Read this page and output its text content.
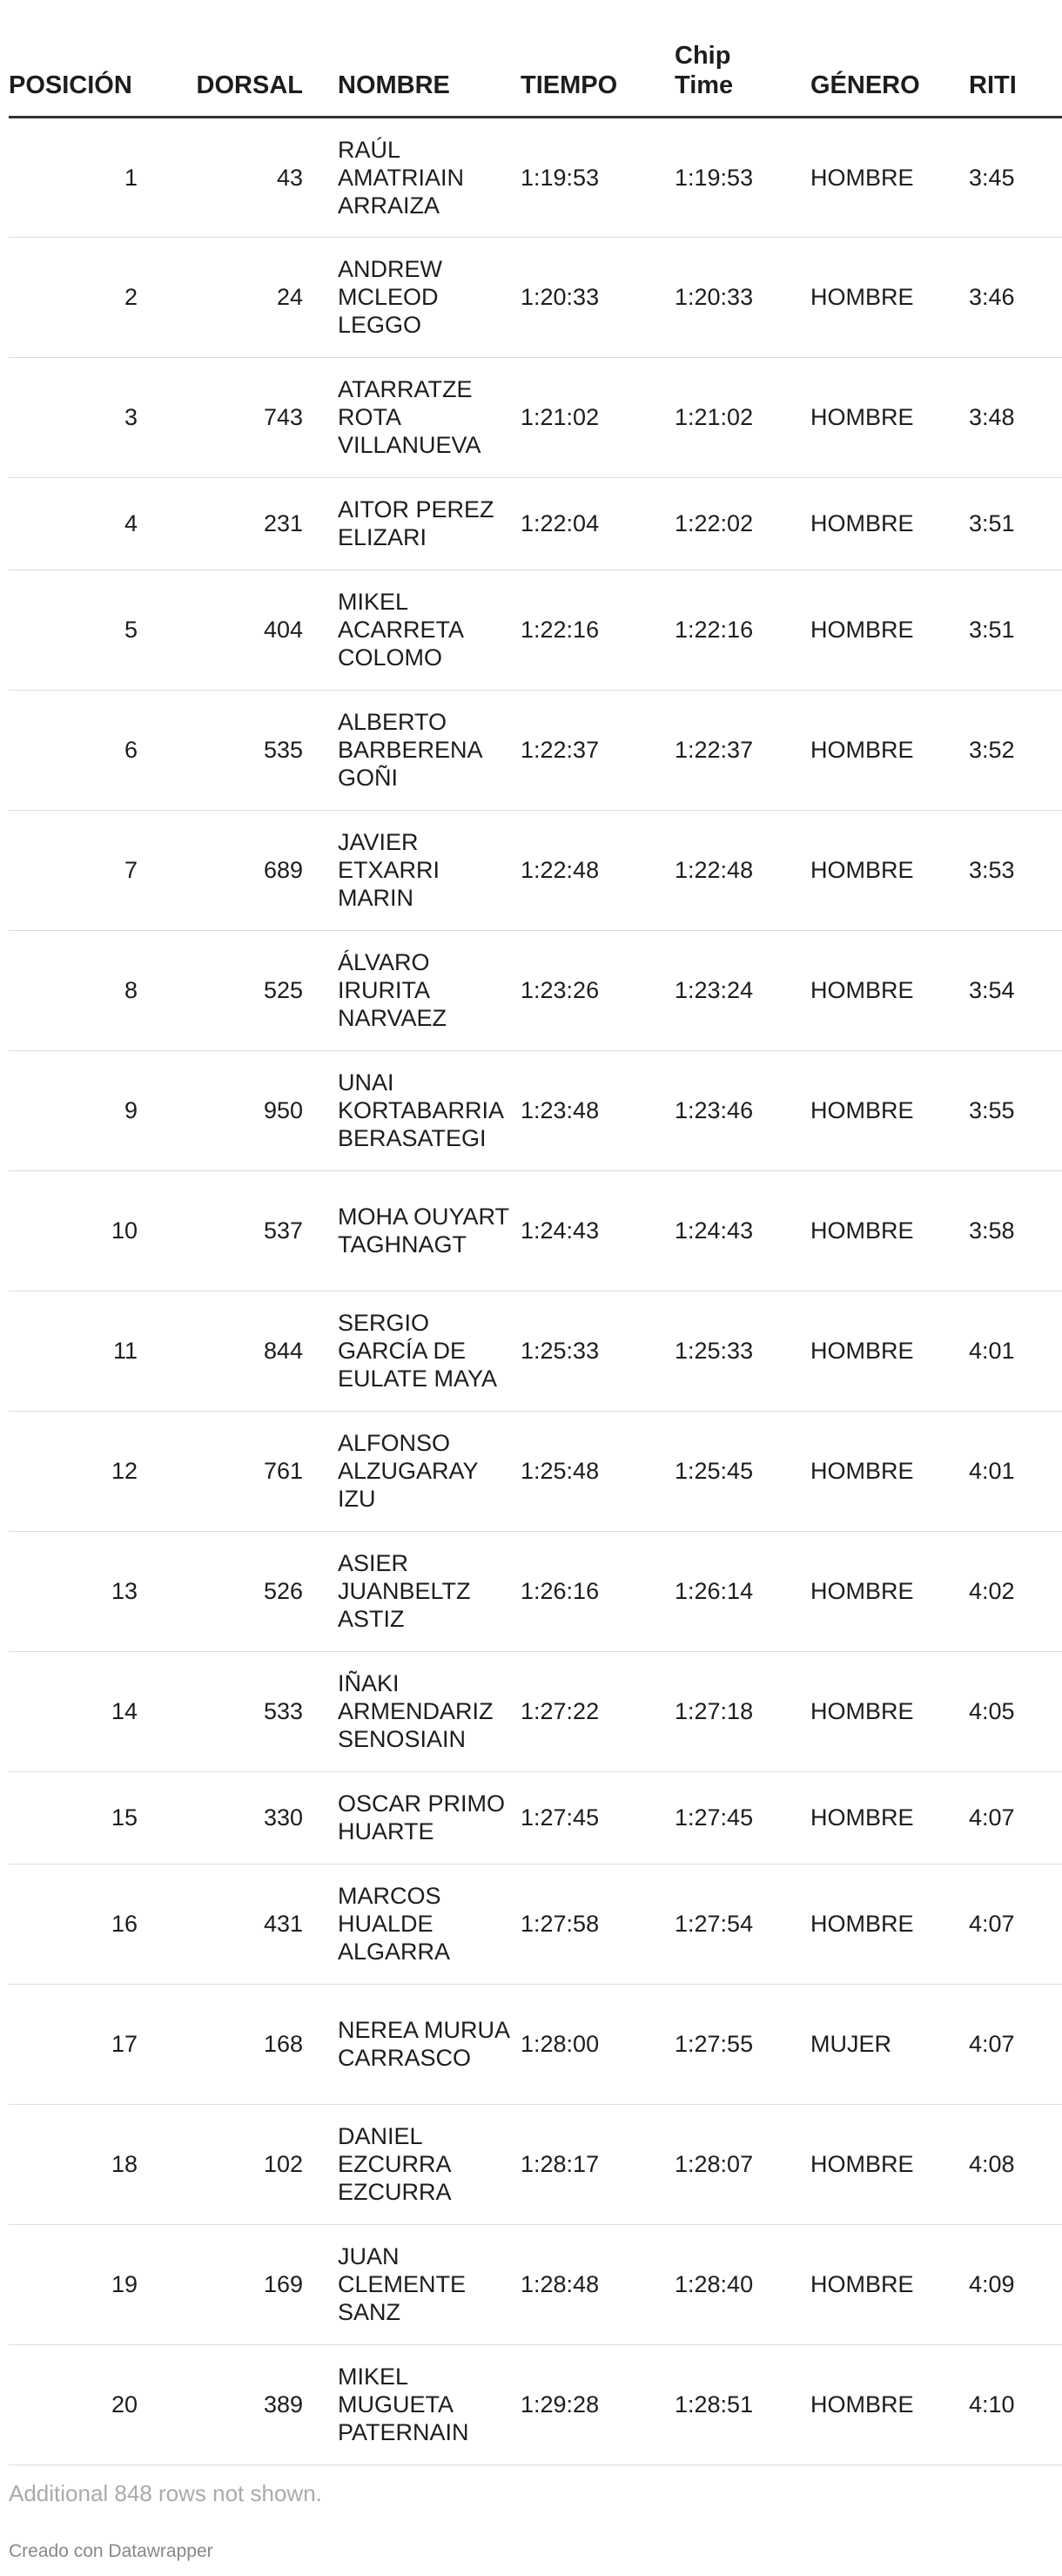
POSICIÓN	DORSAL	NOMBRE	TIEMPO	Chip Time	GÉNERO	RITI
1	43	RAÚL AMATRIAIN ARRAIZA	1:19:53	1:19:53	HOMBRE	3:45
2	24	ANDREW MCLEOD LEGGO	1:20:33	1:20:33	HOMBRE	3:46
3	743	ATARRATZE ROTA VILLANUEVA	1:21:02	1:21:02	HOMBRE	3:48
4	231	AITOR PEREZ ELIZARI	1:22:04	1:22:02	HOMBRE	3:51
5	404	MIKEL ACARRETA COLOMO	1:22:16	1:22:16	HOMBRE	3:51
6	535	ALBERTO BARBERENA GOÑI	1:22:37	1:22:37	HOMBRE	3:52
7	689	JAVIER ETXARRI MARIN	1:22:48	1:22:48	HOMBRE	3:53
8	525	ÁLVARO IRURITA NARVAEZ	1:23:26	1:23:24	HOMBRE	3:54
9	950	UNAI KORTABARRIA BERASATEGI	1:23:48	1:23:46	HOMBRE	3:55
10	537	MOHA OUYART TAGHNAGT	1:24:43	1:24:43	HOMBRE	3:58
11	844	SERGIO GARCÍA DE EULATE MAYA	1:25:33	1:25:33	HOMBRE	4:01
12	761	ALFONSO ALZUGARAY IZU	1:25:48	1:25:45	HOMBRE	4:01
13	526	ASIER JUANBELTZ ASTIZ	1:26:16	1:26:14	HOMBRE	4:02
14	533	IÑAKI ARMENDARIZ SENOSIAIN	1:27:22	1:27:18	HOMBRE	4:05
15	330	OSCAR PRIMO HUARTE	1:27:45	1:27:45	HOMBRE	4:07
16	431	MARCOS HUALDE ALGARRA	1:27:58	1:27:54	HOMBRE	4:07
17	168	NEREA MURUA CARRASCO	1:28:00	1:27:55	MUJER	4:07
18	102	DANIEL EZCURRA EZCURRA	1:28:17	1:28:07	HOMBRE	4:08
19	169	JUAN CLEMENTE SANZ	1:28:48	1:28:40	HOMBRE	4:09
20	389	MIKEL MUGUETA PATERNAIN	1:29:28	1:28:51	HOMBRE	4:10
Additional 848 rows not shown.
Creado con Datawrapper
